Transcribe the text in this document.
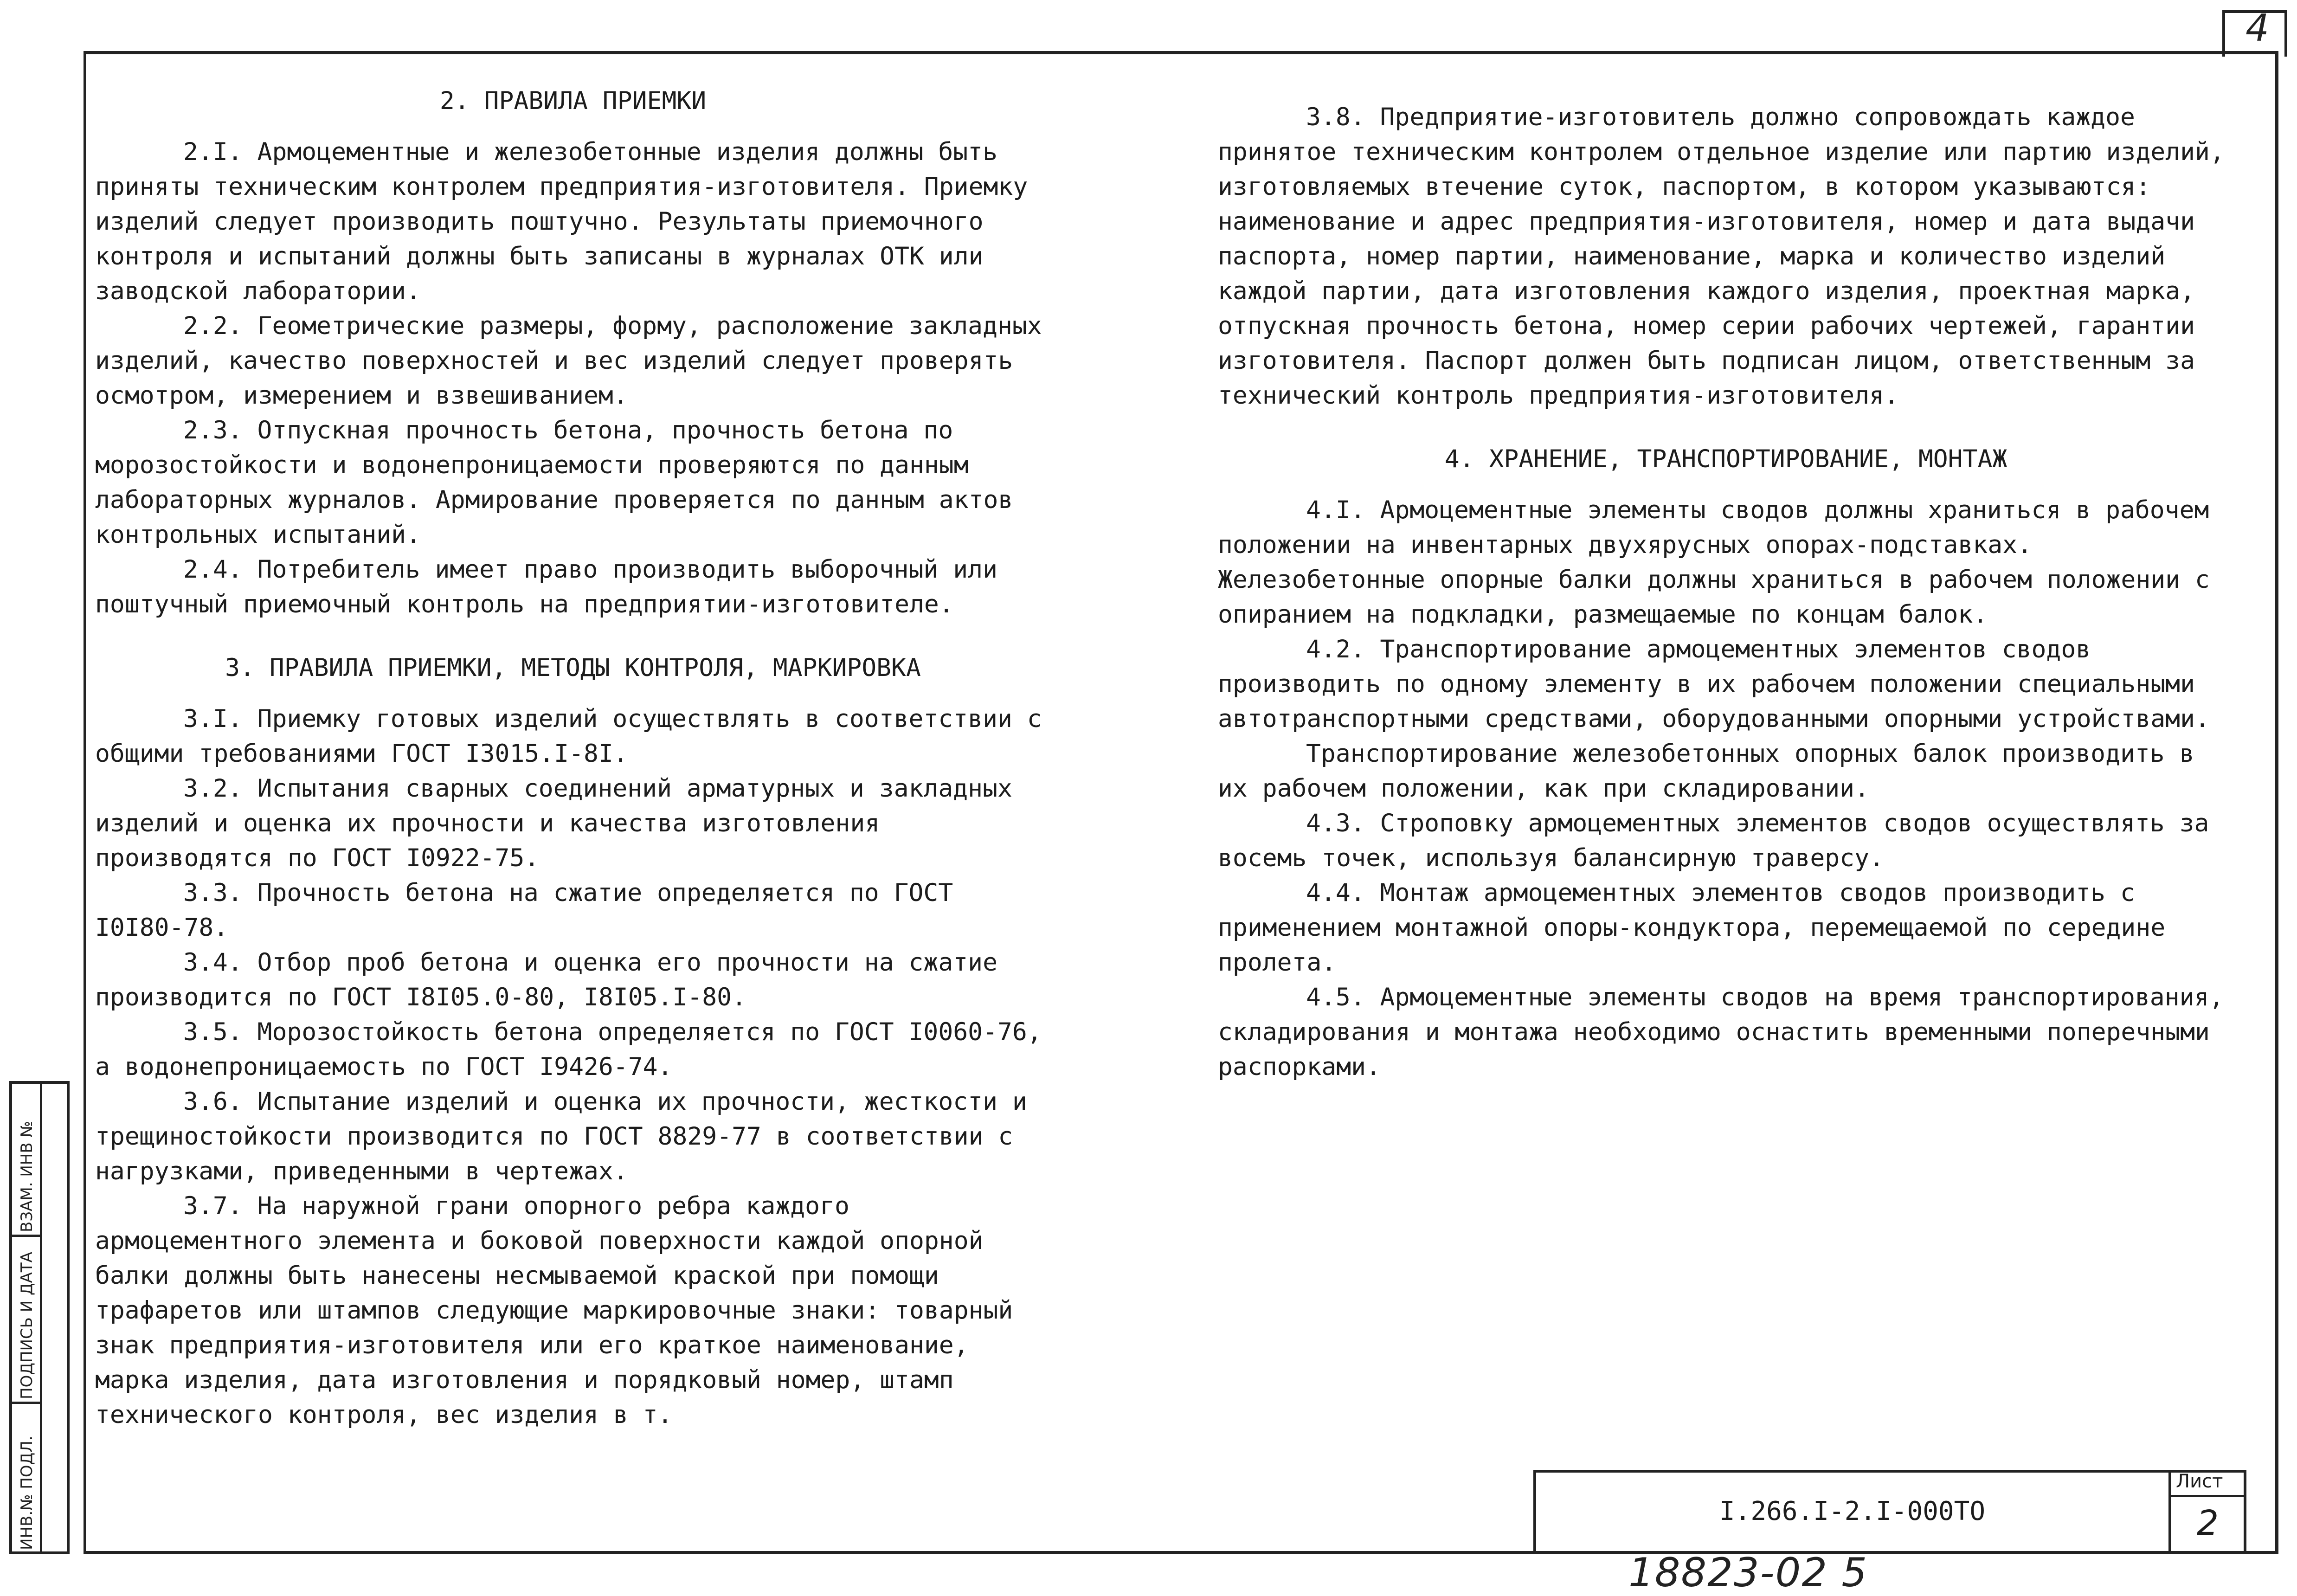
4

2. ПРАВИЛА ПРИЕМКИ

2.I. Армоцементные и железобетонные изделия должны быть приняты техническим контролем предприятия-изготовителя. Приемку изделий следует производить поштучно. Результаты приемочного контроля и испытаний должны быть записаны в журналах ОТК или заводской лаборатории.

2.2. Геометрические размеры, форму, расположение закладных изделий, качество поверхностей и вес изделий следует проверять осмотром, измерением и взвешиванием.

2.3. Отпускная прочность бетона, прочность бетона по морозостойкости и водонепроницаемости проверяются по данным лабораторных журналов. Армирование проверяется по данным актов контрольных испытаний.

2.4. Потребитель имеет право производить выборочный или поштучный приемочный контроль на предприятии-изготовителе.

3. ПРАВИЛА ПРИЕМКИ, МЕТОДЫ КОНТРОЛЯ, МАРКИРОВКА

3.I. Приемку готовых изделий осуществлять в соответствии с общими требованиями ГОСТ I3015.I-8I.

3.2. Испытания сварных соединений арматурных и закладных изделий и оценка их прочности и качества изготовления производятся по ГОСТ I0922-75.

3.3. Прочность бетона на сжатие определяется по ГОСТ I0I80-78.

3.4. Отбор проб бетона и оценка его прочности на сжатие производится по ГОСТ I8I05.0-80, I8I05.I-80.

3.5. Морозостойкость бетона определяется по ГОСТ I0060-76, а водонепроницаемость по ГОСТ I9426-74.

3.6. Испытание изделий и оценка их прочности, жесткости и трещиностойкости производится по ГОСТ 8829-77 в соответствии с нагрузками, приведенными в чертежах.

3.7. На наружной грани опорного ребра каждого армоцементного элемента и боковой поверхности каждой опорной балки должны быть нанесены несмываемой краской при помощи трафаретов или штампов следующие маркировочные знаки: товарный знак предприятия-изготовителя или его краткое наименование, марка изделия, дата изготовления и порядковый номер, штамп технического контроля, вес изделия в т.

3.8. Предприятие-изготовитель должно сопровождать каждое принятое техническим контролем отдельное изделие или партию изделий, изготовляемых втечение суток, паспортом, в котором указываются: наименование и адрес предприятия-изготовителя, номер и дата выдачи паспорта, номер партии, наименование, марка и количество изделий каждой партии, дата изготовления каждого изделия, проектная марка, отпускная прочность бетона, номер серии рабочих чертежей, гарантии изготовителя. Паспорт должен быть подписан лицом, ответственным за технический контроль предприятия-изготовителя.

4. ХРАНЕНИЕ, ТРАНСПОРТИРОВАНИЕ, МОНТАЖ

4.I. Армоцементные элементы сводов должны храниться в рабочем положении на инвентарных двухярусных опорах-подставках. Железобетонные опорные балки должны храниться в рабочем положении с опиранием на подкладки, размещаемые по концам балок.

4.2. Транспортирование армоцементных элементов сводов производить по одному элементу в их рабочем положении специальными автотранспортными средствами, оборудованными опорными устройствами.

Транспортирование железобетонных опорных балок производить в их рабочем положении, как при складировании.

4.3. Строповку армоцементных элементов сводов осуществлять за восемь точек, используя балансирную траверсу.

4.4. Монтаж армоцементных элементов сводов производить с применением монтажной опоры-кондуктора, перемещаемой по середине пролета.

4.5. Армоцементные элементы сводов на время транспортирования, складирования и монтажа необходимо оснастить временными поперечными распорками.

ВЗАМ. ИНВ №
ПОДПИСЬ И ДАТА
ИНВ.№ ПОДЛ.	I.266.I-2.I-000ТО
Лист
2
18823-02 5
